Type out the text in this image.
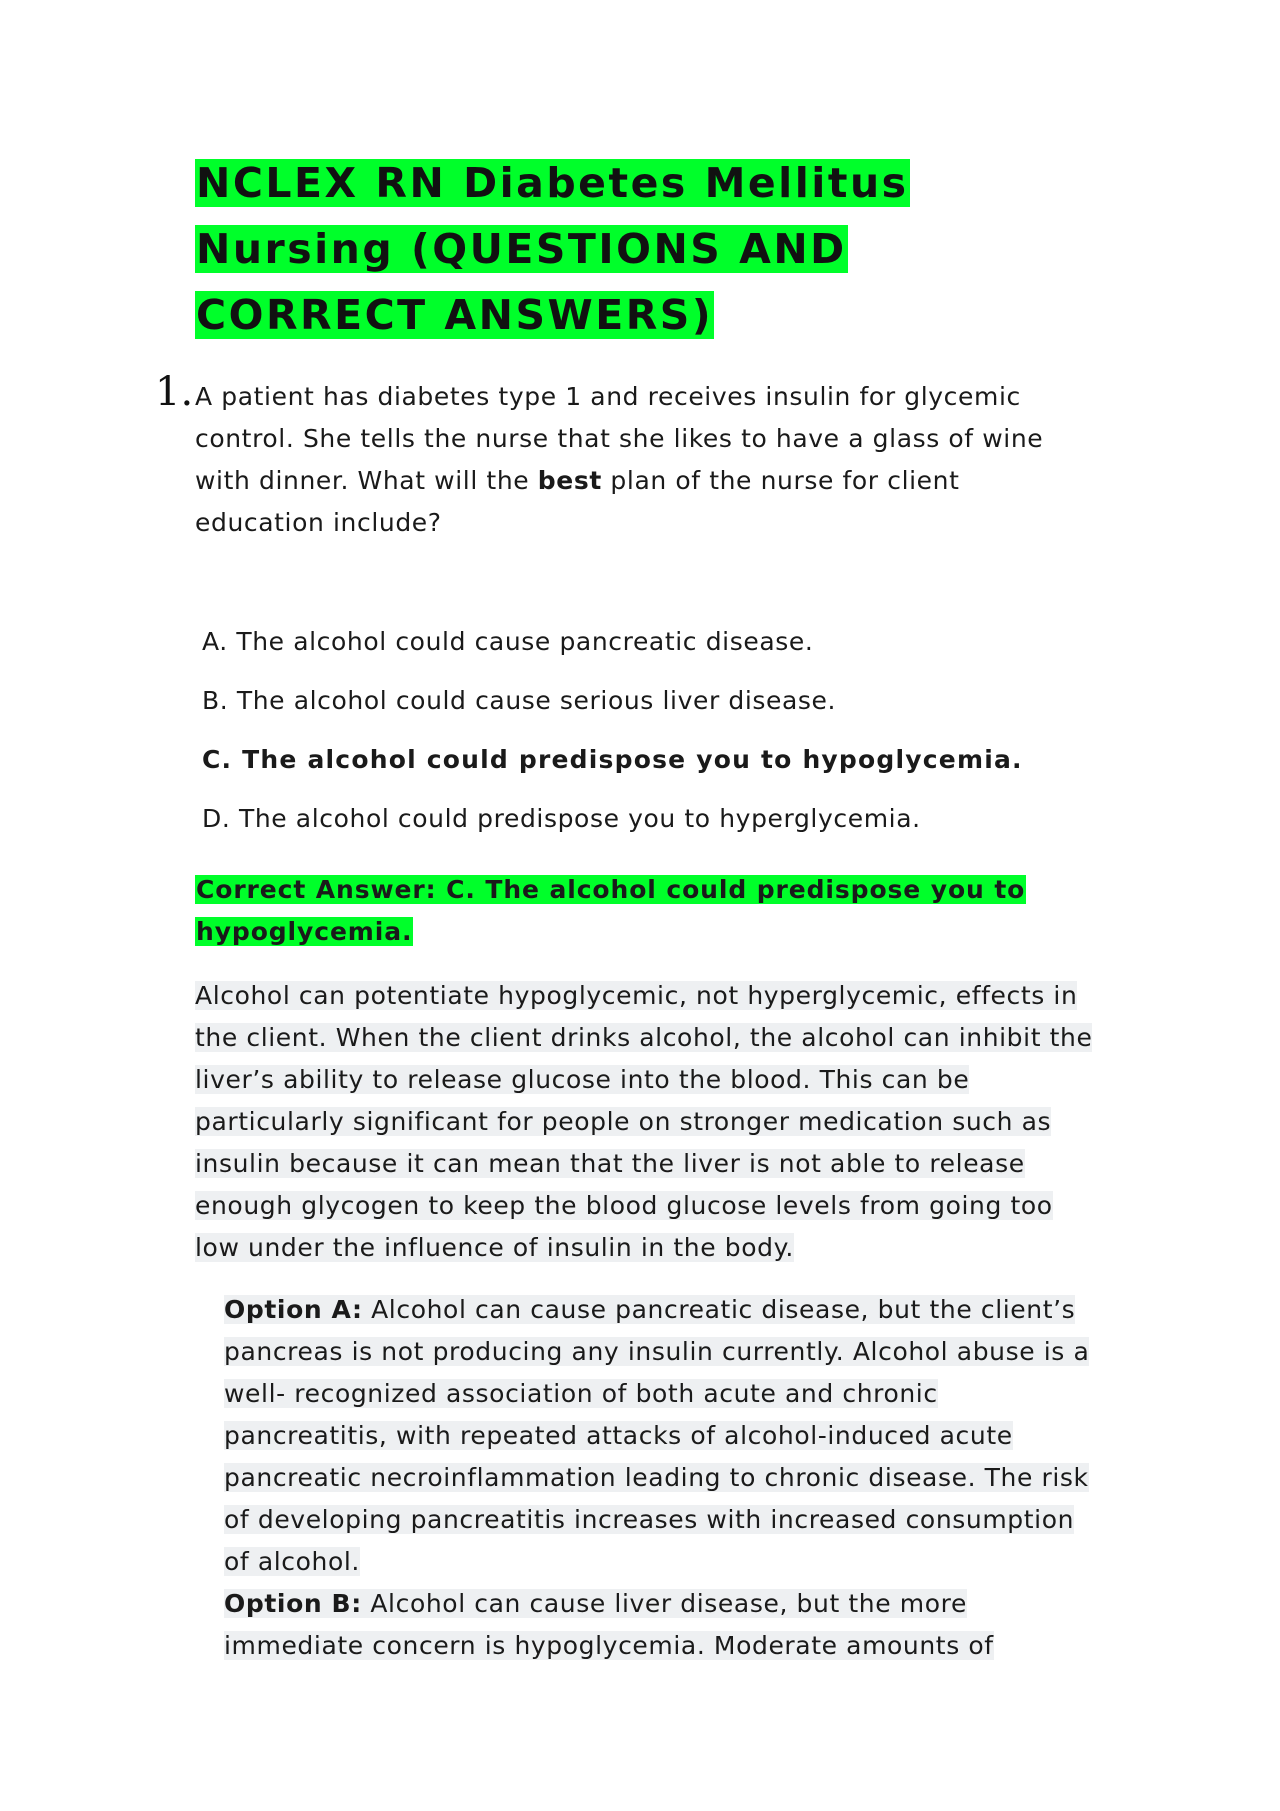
NCLEX RN Diabetes Mellitus Nursing (QUESTIONS AND CORRECT ANSWERS)
1. A patient has diabetes type 1 and receives insulin for glycemic control. She tells the nurse that she likes to have a glass of wine with dinner. What will the best plan of the nurse for client education include?

A. The alcohol could cause pancreatic disease.
B. The alcohol could cause serious liver disease.
C. The alcohol could predispose you to hypoglycemia.
D. The alcohol could predispose you to hyperglycemia.

Correct Answer: C. The alcohol could predispose you to hypoglycemia.

Alcohol can potentiate hypoglycemic, not hyperglycemic, effects in the client. When the client drinks alcohol, the alcohol can inhibit the liver’s ability to release glucose into the blood. This can be particularly significant for people on stronger medication such as insulin because it can mean that the liver is not able to release enough glycogen to keep the blood glucose levels from going too low under the influence of insulin in the body.

Option A: Alcohol can cause pancreatic disease, but the client’s pancreas is not producing any insulin currently. Alcohol abuse is a well- recognized association of both acute and chronic pancreatitis, with repeated attacks of alcohol-induced acute pancreatic necroinflammation leading to chronic disease. The risk of developing pancreatitis increases with increased consumption of alcohol.

Option B: Alcohol can cause liver disease, but the more immediate concern is hypoglycemia. Moderate amounts of
